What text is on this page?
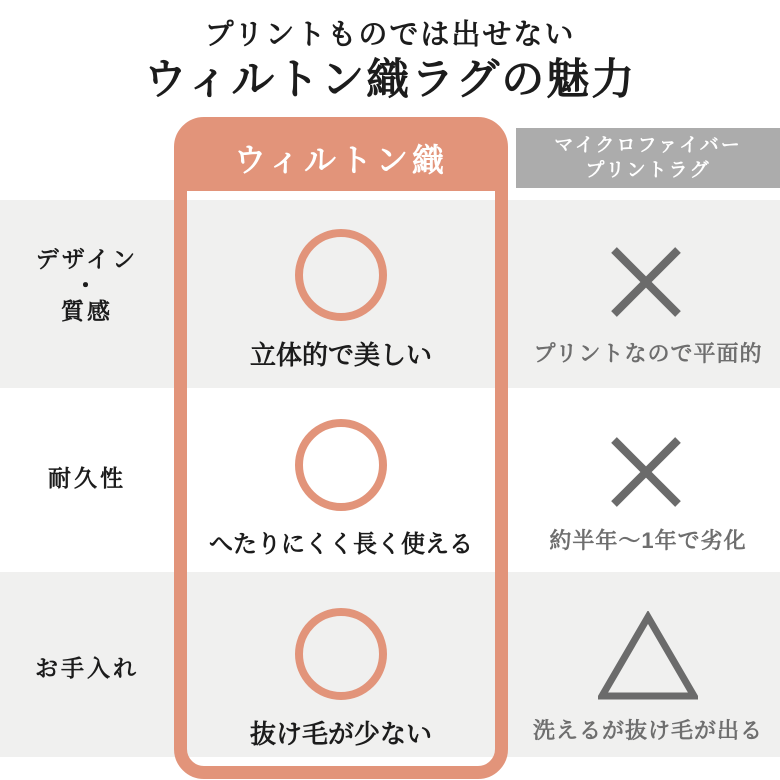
プリントものでは出せない
ウィルトン織ラグの魅力
マイクロファイバー
プリントラグ
ウィルトン織
デザイン
・
質感
耐久性
お手入れ
立体的で美しい
へたりにくく長く使える
抜け毛が少ない
プリントなので平面的
約半年〜1年で劣化
洗えるが抜け毛が出る
